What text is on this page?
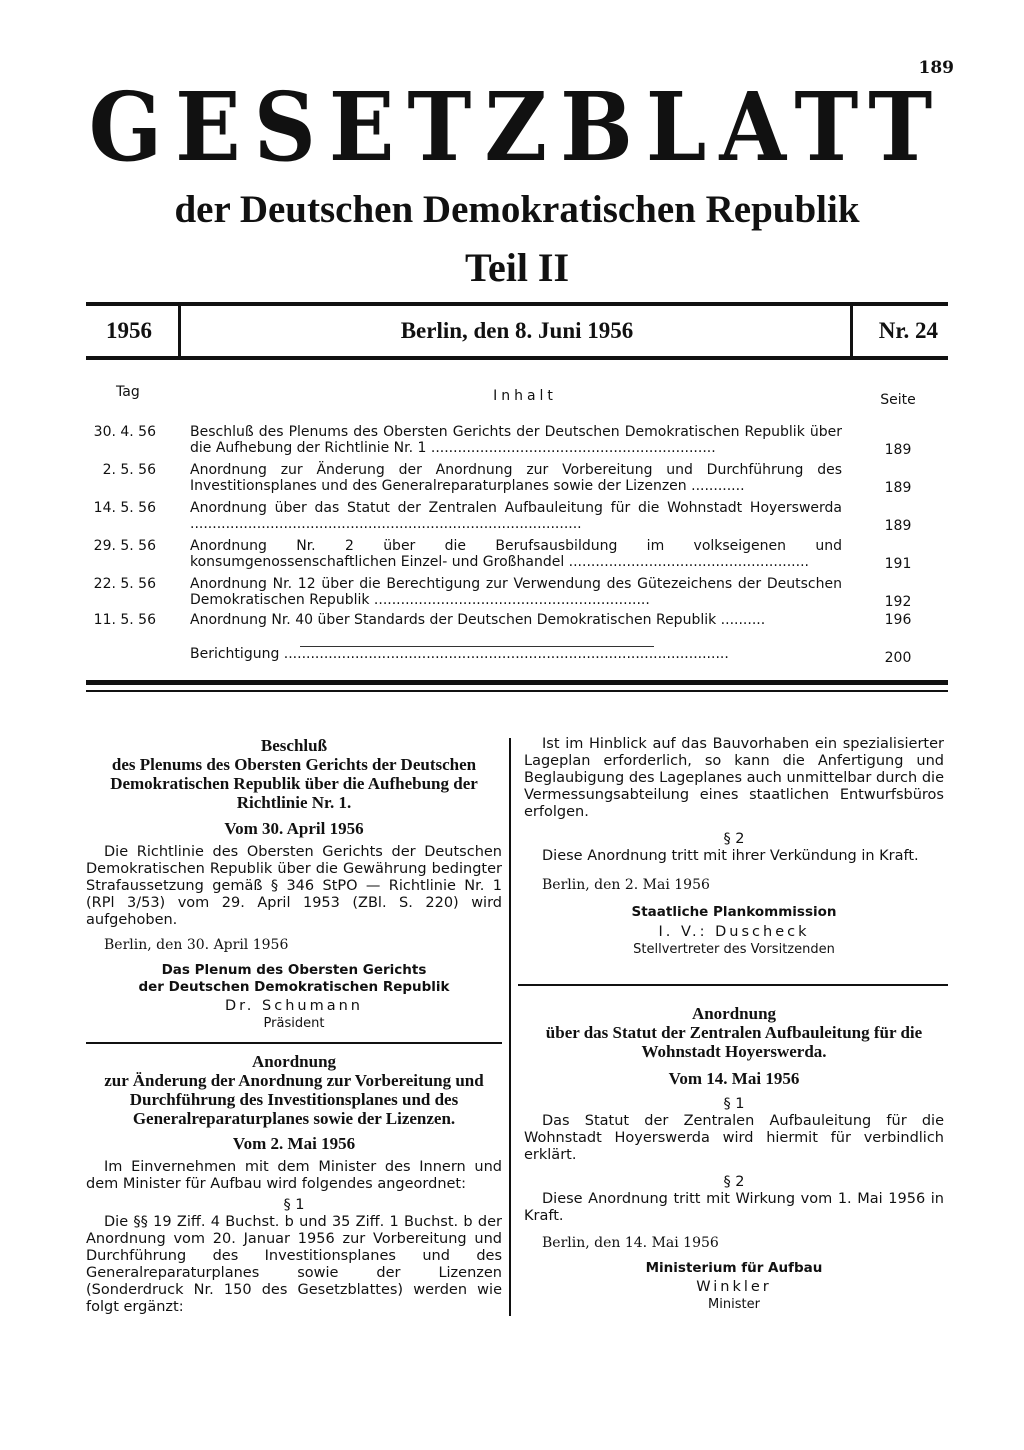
189
GESETZBLATT
der Deutschen Demokratischen Republik
Teil II
1956	Berlin, den 8. Juni 1956	Nr. 24
Tag	Inhalt	Seite
30. 4. 56 Beschluß des Plenums des Obersten Gerichts der Deutschen Demokratischen Republik über die Aufhebung der Richtlinie Nr. 1 ................................................................	189
2. 5. 56 Anordnung zur Änderung der Anordnung zur Vorbereitung und Durchführung des Investitionsplanes und des Generalreparaturplanes sowie der Lizenzen ............	189
14. 5. 56 Anordnung über das Statut der Zentralen Aufbauleitung für die Wohnstadt Hoyerswerda ........................................................................................	189
29. 5. 56 Anordnung Nr. 2 über die Berufsausbildung im volkseigenen und konsumgenossenschaftlichen Einzel- und Großhandel ......................................................	191
22. 5. 56 Anordnung Nr. 12 über die Berechtigung zur Verwendung des Gütezeichens der Deutschen Demokratischen Republik ..............................................................	192
11. 5. 56 Anordnung Nr. 40 über Standards der Deutschen Demokratischen Republik ..........	196
Berichtigung ....................................................................................................	200
Beschluß
des Plenums des Obersten Gerichts der Deutschen Demokratischen Republik über die Aufhebung der Richtlinie Nr. 1.
Vom 30. April 1956

Die Richtlinie des Obersten Gerichts der Deutschen Demokratischen Republik über die Gewährung bedingter Strafaussetzung gemäß § 346 StPO — Richtlinie Nr. 1 (RPl 3/53) vom 29. April 1953 (ZBl. S. 220) wird aufgehoben.

Berlin, den 30. April 1956

Das Plenum des Obersten Gerichts
der Deutschen Demokratischen Republik
Dr. Schumann
Präsident
Anordnung
zur Änderung der Anordnung zur Vorbereitung und Durchführung des Investitionsplanes und des Generalreparaturplanes sowie der Lizenzen.
Vom 2. Mai 1956

Im Einvernehmen mit dem Minister des Innern und dem Minister für Aufbau wird folgendes angeordnet:

§ 1

Die §§ 19 Ziff. 4 Buchst. b und 35 Ziff. 1 Buchst. b der Anordnung vom 20. Januar 1956 zur Vorbereitung und Durchführung des Investitionsplanes und des Generalreparaturplanes sowie der Lizenzen (Sonderdruck Nr. 150 des Gesetzblattes) werden wie folgt ergänzt:

Ist im Hinblick auf das Bauvorhaben ein spezialisierter Lageplan erforderlich, so kann die Anfertigung und Beglaubigung des Lageplanes auch unmittelbar durch die Vermessungsabteilung eines staatlichen Entwurfsbüros erfolgen.

§ 2

Diese Anordnung tritt mit ihrer Verkündung in Kraft.

Berlin, den 2. Mai 1956

Staatliche Plankommission
I. V.: Duscheck
Stellvertreter des Vorsitzenden
Anordnung
über das Statut der Zentralen Aufbauleitung für die Wohnstadt Hoyerswerda.
Vom 14. Mai 1956
§ 1

Das Statut der Zentralen Aufbauleitung für die Wohnstadt Hoyerswerda wird hiermit für verbindlich erklärt.

§ 2

Diese Anordnung tritt mit Wirkung vom 1. Mai 1956 in Kraft.

Berlin, den 14. Mai 1956

Ministerium für Aufbau
Winkler
Minister
